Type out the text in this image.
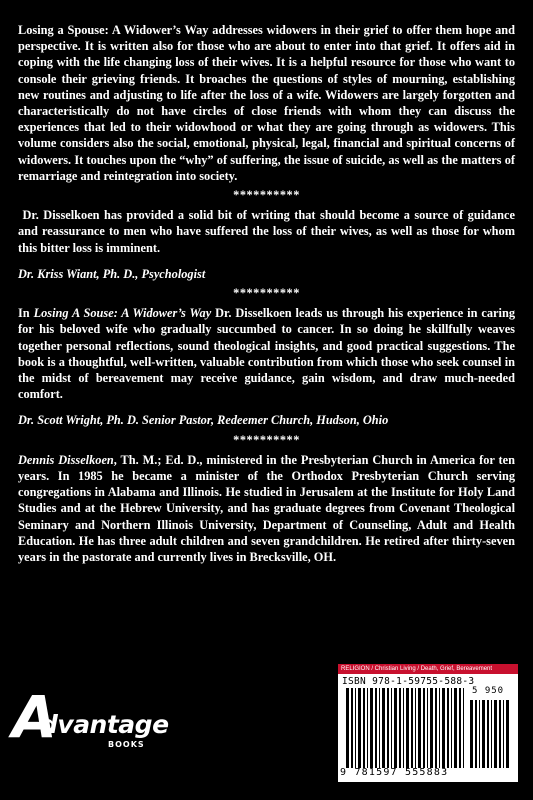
Losing a Spouse: A Widower’s Way addresses widowers in their grief to offer them hope and perspective. It is written also for those who are about to enter into that grief. It offers aid in coping with the life changing loss of their wives. It is a helpful resource for those who want to console their grieving friends. It broaches the questions of styles of mourning, establishing new routines and adjusting to life after the loss of a wife. Widowers are largely forgotten and characteristically do not have circles of close friends with whom they can discuss the experiences that led to their widowhood or what they are going through as widowers. This volume considers also the social, emotional, physical, legal, financial and spiritual concerns of widowers. It touches upon the “why” of suffering, the issue of suicide, as well as the matters of remarriage and reintegration into society.

**********

Dr. Disselkoen has provided a solid bit of writing that should become a source of guidance and reassurance to men who have suffered the loss of their wives, as well as those for whom this bitter loss is imminent.

Dr. Kriss Wiant, Ph. D., Psychologist

**********

In Losing A Souse: A Widower’s Way Dr. Disselkoen leads us through his experience in caring for his beloved wife who gradually succumbed to cancer. In so doing he skillfully weaves together personal reflections, sound theological insights, and good practical suggestions. The book is a thoughtful, well-written, valuable contribution from which those who seek counsel in the midst of bereavement may receive guidance, gain wisdom, and draw much-needed comfort.

Dr. Scott Wright, Ph. D. Senior Pastor, Redeemer Church, Hudson, Ohio

**********

Dennis Disselkoen, Th. M.; Ed. D., ministered in the Presbyterian Church in America for ten years. In 1985 he became a minister of the Orthodox Presbyterian Church serving congregations in Alabama and Illinois. He studied in Jerusalem at the Institute for Holy Land Studies and at the Hebrew University, and has graduate degrees from Covenant Theological Seminary and Northern Illinois University, Department of Counseling, Adult and Health Education. He has three adult children and seven grandchildren. He retired after thirty-seven years in the pastorate and currently lives in Brecksville, OH.

A
dvantage
BOOKS
RELIGION / Christian Living / Death, Grief, Bereavement
ISBN 978-1-59755-588-3
5 950
9 781597 555883
